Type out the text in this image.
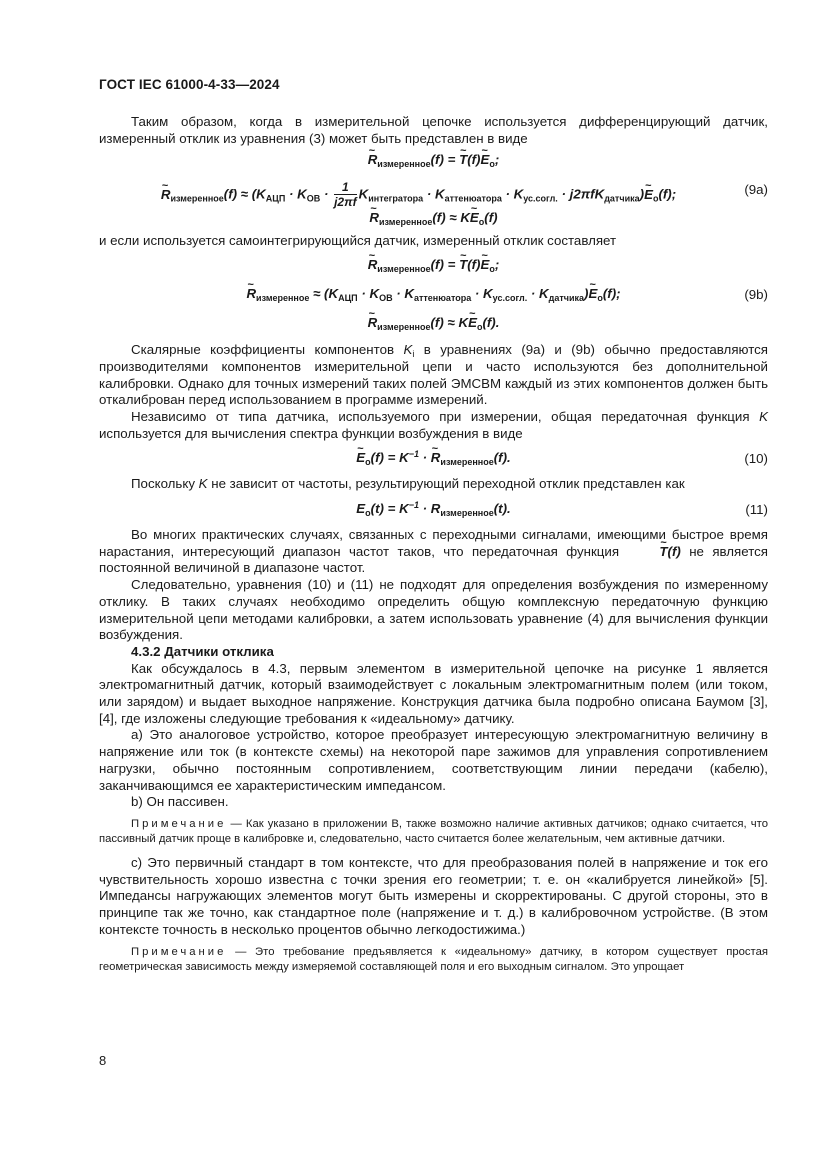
ГОСТ IEC 61000-4-33—2024

Таким образом, когда в измерительной цепочке используется дифференцирующий датчик, измеренный отклик из уравнения (3) может быть представлен в виде

~ $R_{измеренное}(f)$ = ~ T(f)~ $E_о$;
~ $R_{измеренное}(f) \approx (K_{АЦП} \cdot K_{ОВ} \cdot \frac{1}{j2\pi f} K_{интегратора} \cdot K_{аттенюатора} \cdot K_{ус.согл.}$ · j2πfK$_{датчика}$)~ $E_о(f)$;	(9a)
~ $R_{измеренное}(f)$ ≈ K~ $E_о(f)$

и если используется самоинтегрирующийся датчик, измеренный отклик составляет

~ $R_{измеренное}(f)$ = ~ T(f)~ $E_о$;
~ $R_{измеренное} \approx (K_{АЦП} \cdot K_{ОВ} \cdot K_{аттенюатора} \cdot K_{ус.согл.}$ · $K_{датчика})\sim$ $E_о(f)$;	(9b)
~ $R_{измеренное}(f)$ ≈ K~ $E_о(f)$.

Скалярные коэффициенты компонентов $K_i$ в уравнениях (9а) и (9b) обычно предоставляются производителями компонентов измерительной цепи и часто используются без дополнительной калибровки. Однако для точных измерений таких полей ЭМСВМ каждый из этих компонентов должен быть откалиброван перед использованием в программе измерений.

Независимо от типа датчика, используемого при измерении, общая передаточная функция K используется для вычисления спектра функции возбуждения в виде

~ $E_о(f) = K^{-1}$ · ~ $R_{измеренное}(f)$.	(10)

Поскольку K не зависит от частоты, результирующий переходной отклик представлен как

$E_о(t) = K^{-1} \cdot R_{измеренное}(t)$.	(11)

Во многих практических случаях, связанных с переходными сигналами, имеющими быстрое время нарастания, интересующий диапазон частот таков, что передаточная функция ~ T(f) не является постоянной величиной в диапазоне частот.

Следовательно, уравнения (10) и (11) не подходят для определения возбуждения по измеренному отклику. В таких случаях необходимо определить общую комплексную передаточную функцию измерительной цепи методами калибровки, а затем использовать уравнение (4) для вычисления функции возбуждения.

4.3.2 Датчики отклика

Как обсуждалось в 4.3, первым элементом в измерительной цепочке на рисунке 1 является электромагнитный датчик, который взаимодействует с локальным электромагнитным полем (или током, или зарядом) и выдает выходное напряжение. Конструкция датчика была подробно описана Баумом [3], [4], где изложены следующие требования к «идеальному» датчику.

а) Это аналоговое устройство, которое преобразует интересующую электромагнитную величину в напряжение или ток (в контексте схемы) на некоторой паре зажимов для управления сопротивлением нагрузки, обычно постоянным сопротивлением, соответствующим линии передачи (кабелю), заканчивающимся ее характеристическим импедансом.

b) Он пассивен.

Примечание — Как указано в приложении В, также возможно наличие активных датчиков; однако считается, что пассивный датчик проще в калибровке и, следовательно, часто считается более желательным, чем активные датчики.

с) Это первичный стандарт в том контексте, что для преобразования полей в напряжение и ток его чувствительность хорошо известна с точки зрения его геометрии; т. е. он «калибруется линейкой» [5]. Импедансы нагружающих элементов могут быть измерены и скорректированы. С другой стороны, это в принципе так же точно, как стандартное поле (напряжение и т. д.) в калибровочном устройстве. (В этом контексте точность в несколько процентов обычно легкодостижима.)

Примечание — Это требование предъявляется к «идеальному» датчику, в котором существует простая геометрическая зависимость между измеряемой составляющей поля и его выходным сигналом. Это упрощает

8
